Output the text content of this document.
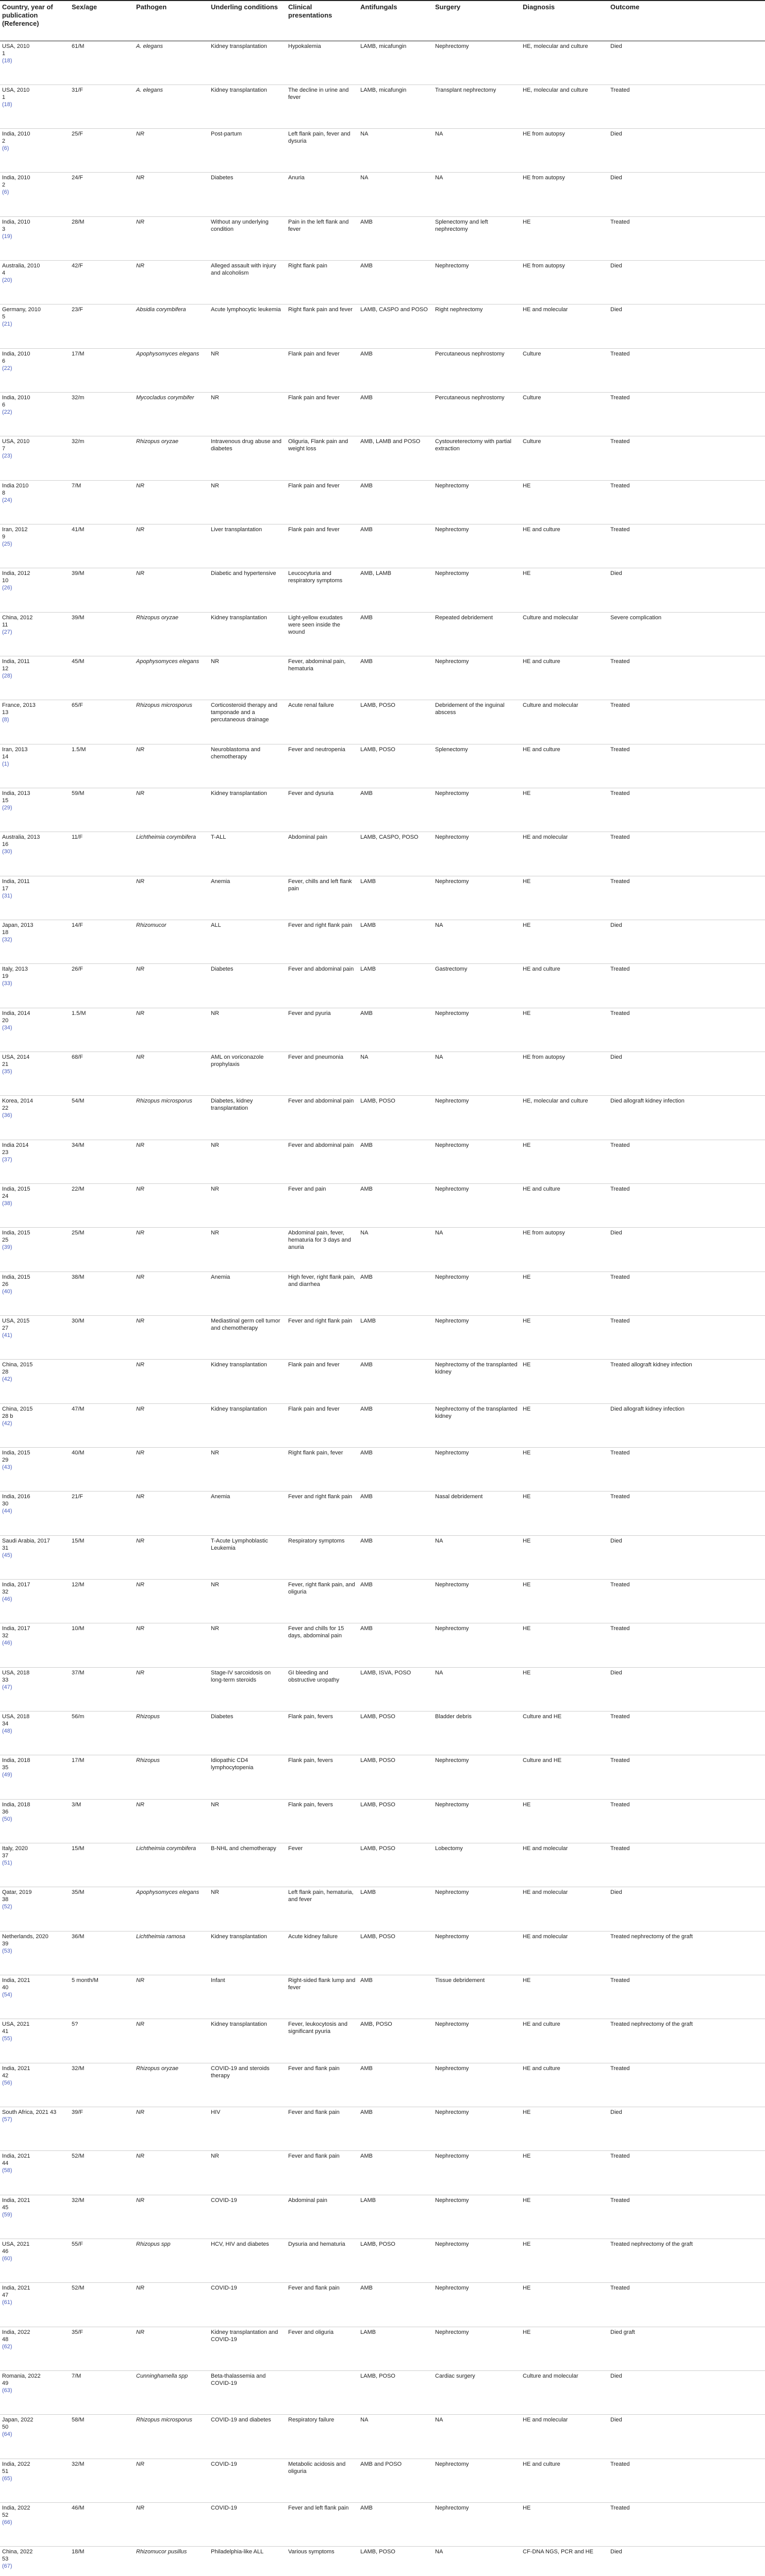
Country, year of publication (Reference)	Sex/age	Pathogen	Underling conditions	Clinical presentations	Antifungals	Surgery	Diagnosis	Outcome

USA, 2010
1
(18)	61/M	A. elegans	Kidney transplantation	Hypokalemia	LAMB, micafungin	Nephrectomy	HE, molecular and culture	Died

USA, 2010
1
(18)	31/F	A. elegans	Kidney transplantation	The decline in urine and fever	LAMB, micafungin	Transplant nephrectomy	HE, molecular and culture	Treated

India, 2010
2
(6)	25/F	NR	Post-partum	Left flank pain, fever and dysuria	NA	NA	HE from autopsy	Died

India, 2010
2
(6)	24/F	NR	Diabetes	Anuria	NA	NA	HE from autopsy	Died

India, 2010
3
(19)	28/M	NR	Without any underlying condition	Pain in the left flank and fever	AMB	Splenectomy and left nephrectomy	HE	Treated

Australia, 2010
4
(20)	42/F	NR	Alleged assault with injury and alcoholism	Right flank pain	AMB	Nephrectomy	HE from autopsy	Died

Germany, 2010
5
(21)	23/F	Absidia corymbifera	Acute lymphocytic leukemia	Right flank pain and fever	LAMB, CASPO and POSO	Right nephrectomy	HE and molecular	Died

India, 2010
6
(22)	17/M	Apophysomyces elegans	NR	Flank pain and fever	AMB	Percutaneous nephrostomy	Culture	Treated

India, 2010
6
(22)	32/m	Mycocladus corymbifer	NR	Flank pain and fever	AMB	Percutaneous nephrostomy	Culture	Treated

USA, 2010
7
(23)	32/m	Rhizopus oryzae	Intravenous drug abuse and diabetes	Oliguria, Flank pain and weight loss	AMB, LAMB and POSO	Cystoureterectomy with partial extraction	Culture	Treated

India 2010
8
(24)	7/M	NR	NR	Flank pain and fever	AMB	Nephrectomy	HE	Treated

Iran, 2012
9
(25)	41/M	NR	Liver transplantation	Flank pain and fever	AMB	Nephrectomy	HE and culture	Treated

India, 2012
10
(26)	39/M	NR	Diabetic and hypertensive	Leucocyturia and respiratory symptoms	AMB, LAMB	Nephrectomy	HE	Died

China, 2012
11
(27)	39/M	Rhizopus oryzae	Kidney transplantation	Light-yellow exudates were seen inside the wound	AMB	Repeated debridement	Culture and molecular	Severe complication

India, 2011
12
(28)	45/M	Apophysomyces elegans	NR	Fever, abdominal pain, hematuria	AMB	Nephrectomy	HE and culture	Treated

France, 2013
13
(8)	65/F	Rhizopus microsporus	Corticosteroid therapy and tamponade and a percutaneous drainage	Acute renal failure	LAMB, POSO	Debridement of the inguinal abscess	Culture and molecular	Treated

Iran, 2013
14
(1)	1.5/M	NR	Neuroblastoma and chemotherapy	Fever and neutropenia	LAMB, POSO	Splenectomy	HE and culture	Treated

India, 2013
15
(29)	59/M	NR	Kidney transplantation	Fever and dysuria	AMB	Nephrectomy	HE	Treated

Australia, 2013
16
(30)	11/F	Lichtheimia corymbifera	T-ALL	Abdominal pain	LAMB, CASPO, POSO	Nephrectomy	HE and molecular	Treated

India, 2011
17
(31)		NR	Anemia	Fever, chills and left flank pain	LAMB	Nephrectomy	HE	Treated

Japan, 2013
18
(32)	14/F	Rhizomucor	ALL	Fever and right flank pain	LAMB	NA	HE	Died

Italy, 2013
19
(33)	26/F	NR	Diabetes	Fever and abdominal pain	LAMB	Gastrectomy	HE and culture	Treated

India, 2014
20
(34)	1.5/M	NR	NR	Fever and pyuria	AMB	Nephrectomy	HE	Treated

USA, 2014
21
(35)	68/F	NR	AML on voriconazole prophylaxis	Fever and pneumonia	NA	NA	HE from autopsy	Died

Korea, 2014
22
(36)	54/M	Rhizopus microsporus	Diabetes, kidney transplantation	Fever and abdominal pain	LAMB, POSO	Nephrectomy	HE, molecular and culture	Died allograft kidney infection

India 2014
23
(37)	34/M	NR	NR	Fever and abdominal pain	AMB	Nephrectomy	HE	Treated

India, 2015
24
(38)	22/M	NR	NR	Fever and pain	AMB	Nephrectomy	HE and culture	Treated

India, 2015
25
(39)	25/M	NR	NR	Abdominal pain, fever, hematuria for 3 days and anuria	NA	NA	HE from autopsy	Died

India, 2015
26
(40)	38/M	NR	Anemia	High fever, right flank pain, and diarrhea	AMB	Nephrectomy	HE	Treated

USA, 2015
27
(41)	30/M	NR	Mediastinal germ cell tumor and chemotherapy	Fever and right flank pain	LAMB	Nephrectomy	HE	Treated

China, 2015
28
(42)		NR	Kidney transplantation	Flank pain and fever	AMB	Nephrectomy of the transplanted kidney	HE	Treated allograft kidney infection

China, 2015
28 b
(42)	47/M	NR	Kidney transplantation	Flank pain and fever	AMB	Nephrectomy of the transplanted kidney	HE	Died allograft kidney infection

India, 2015
29
(43)	40/M	NR	NR	Right flank pain, fever	AMB	Nephrectomy	HE	Treated

India, 2016
30
(44)	21/F	NR	Anemia	Fever and right flank pain	AMB	Nasal debridement	HE	Treated

Saudi Arabia, 2017
31
(45)	15/M	NR	T-Acute Lymphoblastic Leukemia	Respiratory symptoms	AMB	NA	HE	Died

India, 2017
32
(46)	12/M	NR	NR	Fever, right flank pain, and oliguria	AMB	Nephrectomy	HE	Treated

India, 2017
32
(46)	10/M	NR	NR	Fever and chills for 15 days, abdominal pain	AMB	Nephrectomy	HE	Treated

USA, 2018
33
(47)	37/M	NR	Stage-IV sarcoidosis on long-term steroids	GI bleeding and obstructive uropathy	LAMB, ISVA, POSO	NA	HE	Died

USA, 2018
34
(48)	56/m	Rhizopus	Diabetes	Flank pain, fevers	LAMB, POSO	Bladder debris	Culture and HE	Treated

India, 2018
35
(49)	17/M	Rhizopus	Idiopathic CD4 lymphocytopenia	Flank pain, fevers	LAMB, POSO	Nephrectomy	Culture and HE	Treated

India, 2018
36
(50)	3/M	NR	NR	Flank pain, fevers	LAMB, POSO	Nephrectomy	HE	Treated

Italy, 2020
37
(51)	15/M	Lichtheimia corymbifera	B-NHL and chemotherapy	Fever	LAMB, POSO	Lobectomy	HE and molecular	Treated

Qatar, 2019
38
(52)	35/M	Apophysomyces elegans	NR	Left flank pain, hematuria, and fever	LAMB	Nephrectomy	HE and molecular	Died

Netherlands, 2020
39
(53)	36/M	Lichtheimia ramosa	Kidney transplantation	Acute kidney failure	LAMB, POSO	Nephrectomy	HE and molecular	Treated nephrectomy of the graft

India, 2021
40
(54)	5 month/M	NR	Infant	Right-sided flank lump and fever	AMB	Tissue debridement	HE	Treated

USA, 2021
41
(55)	5?	NR	Kidney transplantation	Fever, leukocytosis and significant pyuria	AMB, POSO	Nephrectomy	HE and culture	Treated nephrectomy of the graft

India, 2021
42
(56)	32/M	Rhizopus oryzae	COVID-19 and steroids therapy	Fever and flank pain	AMB	Nephrectomy	HE and culture	Treated

South Africa, 2021 43
(57)	39/F	NR	HIV	Fever and flank pain	AMB	Nephrectomy	HE	Died

India, 2021
44
(58)	52/M	NR	NR	Fever and flank pain	AMB	Nephrectomy	HE	Treated

India, 2021
45
(59)	32/M	NR	COVID-19	Abdominal pain	LAMB	Nephrectomy	HE	Treated

USA, 2021
46
(60)	55/F	Rhizopus spp	HCV, HIV and diabetes	Dysuria and hematuria	LAMB, POSO	Nephrectomy	HE	Treated nephrectomy of the graft

India, 2021
47
(61)	52/M	NR	COVID-19	Fever and flank pain	AMB	Nephrectomy	HE	Treated

India, 2022
48
(62)	35/F	NR	Kidney transplantation and COVID-19	Fever and oliguria	LAMB	Nephrectomy	HE	Died graft

Romania, 2022
49
(63)	7/M	Cunninghamella spp	Beta-thalassemia and COVID-19		LAMB, POSO	Cardiac surgery	Culture and molecular	Died

Japan, 2022
50
(64)	58/M	Rhizopus microsporus	COVID-19 and diabetes	Respiratory failure	NA	NA	HE and molecular	Died

India, 2022
51
(65)	32/M	NR	COVID-19	Metabolic acidosis and oliguria	AMB and POSO	Nephrectomy	HE and culture	Treated

India, 2022
52
(66)	46/M	NR	COVID-19	Fever and left flank pain	AMB	Nephrectomy	HE	Treated

China, 2022
53
(67)	18/M	Rhizomucor pusillus	Philadelphia-like ALL	Various symptoms	LAMB, POSO	NA	CF-DNA NGS, PCR and HE	Died
